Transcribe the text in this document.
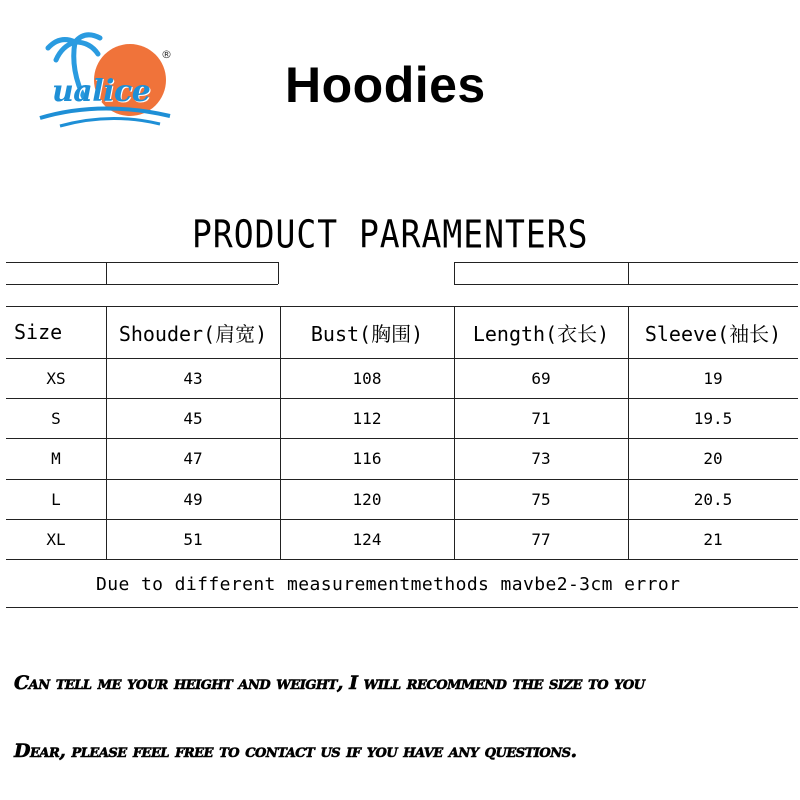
ualice
®
Hoodies
PRODUCT PARAMENTERS
Size	Shouder(肩宽)	Bust(胸围)	Length(衣长)	Sleeve(袖长)
XS	43	108	69	19
S	45	112	71	19.5
M	47	116	73	20
L	49	120	75	20.5
XL	51	124	77	21
Due to different measurementmethods mavbe2-3cm error
Can tell me your height and weight, I will recommend the size to you
Dear, please feel free to contact us if you have any questions.
